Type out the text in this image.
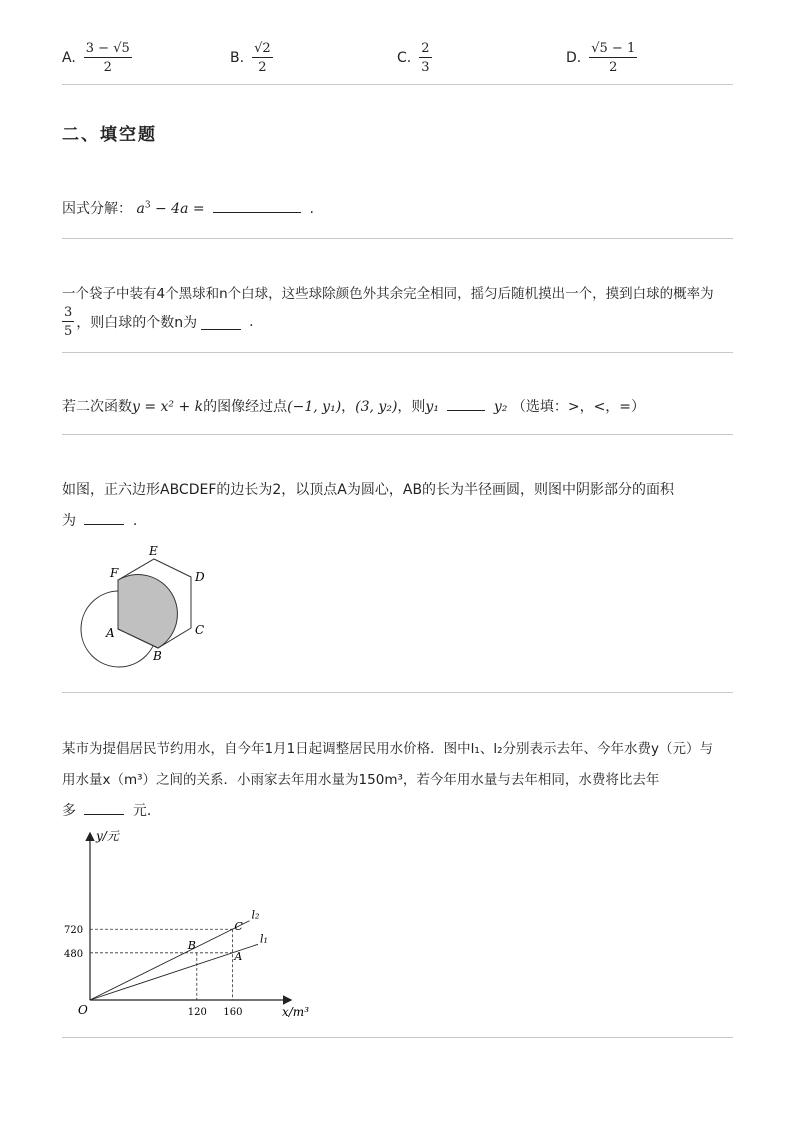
A. $\frac{3 - √5}{2}$	B. $\frac{√2}{2}$	C. $\frac{2}{3}$	D. $\frac{√5 - 1}{2}$
二、填空题
因式分解： $a^3 - 4a$ =	.
一个袋子中装有4个黑球和n个白球，这些球除颜色外其余完全相同，摇匀后随机摸出一个，摸到白球的概率为
$\frac{3}{5}$ ，则白球的个数n为	.
若二次函数y = x² + k的图像经过点(−1, y₁)，(3, y₂)，则y₁	y₂ （选填：>，<，=）
如图，正六边形ABCDEF的边长为2，以顶点A为圆心，AB的长为半径画圆，则图中阴影部分的面积
为	.
A
B
C
D
E
F
某市为提倡居民节约用水，自今年1月1日起调整居民用水价格．图中l₁、l₂分别表示去年、今年水费y（元）与
用水量x（m³）之间的关系．小雨家去年用水量为150m³，若今年用水量与去年相同，水费将比去年
多	元．
120 160
480
720
A
B
C
l₁
l₂
y/元
x/m³
O
